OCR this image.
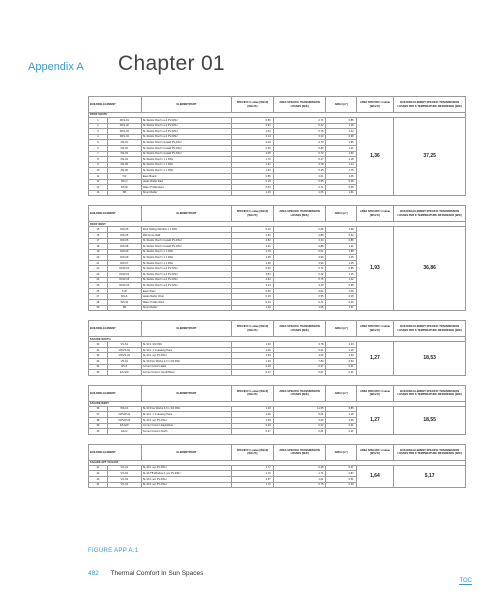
Appendix A Chapter 01
BUILDING ELEMENT		ELEMENT/PART	SPECIFIC U-value [W/m2] [W/m²K]	AREA SPECIFIC TRANSMISSION LOSSES [W/K]	AREA [m²]	AREA SPECIFIC U-value [W/m²K]	BUILDING ELEMENT SPECIFIC TRANSMISSION LOSSES PER K TEMPERATURE DIFFERENCE [W/K]
ROOF SOUTH							
1	DKS-01	SL Skolos Roof 1 a-b PV-DSU	0,86	2,71	0,85	1,36	37,25
2	DKS-02	SL Skolos Roof 1 a-b PV-DSU	2,91	6,42	1,18		
3	DKS-03	SL Skolos Roof 1 a-b PV-DSU	2,64	5,75	1,42		
4	DKS-04	SL Skolos Roof 1 a-b PV-DSU	3,14	3,13	0,98		
5	DS-01	SL Skolos Roof 1 Gstadt PV-DSU	2,00	3,70	1,85		
6	DS-02	SL Skolos Roof 1 Gstadt PV-DSU	0,45	6,80	1,21		
7	DS-03	SL Skolos Roof 1 Gstadt PV-DSU	2,05	5,70	1,56		
8	DS-04	SL Skolos Roof 1 1 1 DSU	1,70	5,17	1,18		
9	DS-05	SL Skolos Roof 1 1 1 DSU	1,91	3,78	1,44		
10	DS-06	SL Skolos Roof 1 1 1 DSU	1,62	5,15	1,75		
11	T-R	Eave Board	0,85	3,01	1,05		
12	RS-O	Heats Rafter East	0,15	0,55	0,08		
13	RS-W	Water Profile East	0,03	0,71	0,09		
14	SB	Struct Rafter	1,46	1,05	1,61		
BUILDING ELEMENT		ELEMENT/PART	SPECIFIC U-value [W/m2] [W/m²K]	AREA SPECIFIC TRANSMISSION LOSSES [W/K]	AREA [m²]	AREA SPECIFIC U-value [W/m²K]	BUILDING ELEMENT SPECIFIC TRANSMISSION LOSSES PER K TEMPERATURE DIFFERENCE [W/K]
ROOF WEST							
15	DW-05	Roof Sliding Window 1 1 DSU	0,12	2,66	1,58	1,93	36,86
16	DW-05	Mid Dome Wall	1,66	2,88	0,22		
17	DW-06	SL Skolos Roof 1 Gstadt PV-DSU	3,82	3,30	0,86		
18	DW-08	SL Skolos Roof 1 Gstadt PV-DSU	2,21	6,88	1,41		
19	DW-09	SL Skolos Roof 1 1 1 DSU	1,76	6,01	1,88		
20	DW-09	SL Skolos Roof 1 1 1 DSU	1,68	3,90	1,05		
21	DW-07	SL Skolos Roof 1 1 1 DSU	1,68	3,90	1,05		
22	DKW-01	SL Skolos Roof 1 a-b PV-DSU	0,06	2,71	0,85		
23	DKW-02	SL Skolos Roof 1 a-b PV-DSU	2,81	6,42	1,15		
24	DKW-03	SL Skolos Roof 1 a-b PV-DSU	2,64	5,75	1,42		
25	DKW-04	SL Skolos Roof 1 a-b PV-DSU	3,14	3,13	0,98		
26	T-W	Eave Steel	0,00	3,01	1,05		
27	RS-A	Heats Rafter West	0,15	0,55	0,08		
28	WS-W	Water Profile West	0,23	0,71	0,09		
29	SB	Struct Rafter	1,46	1,05	1,61		
BUILDING ELEMENT		ELEMENT/PART	SPECIFIC U-value [W/m2] [W/m²K]	AREA SPECIFIC TRANSMISSION LOSSES [W/K]	AREA [m²]	AREA SPECIFIC U-value [W/m²K]	BUILDING ELEMENT SPECIFIC TRANSMISSION LOSSES PER K TEMPERATURE DIFFERENCE [W/K]
FACADE SOUTH							
30	VS-S1	SL 90 1 3/4 DSU	1,00	3,78	2,04	1,27	18,53
31	VWVS-01	SL 90 1 1 1 Heating Pane	1,06	5,01	2,18		
32	VWVS-04	SL 90 1 a-b PV-DSU	1,66	4,60	2,50		
33	VS-01	SL 90 Fixe Works 4-6 1 3/4 DSU	1,20	7,80	6,50		
34	ES-0	Corner Column East	0,00	0,37	0,21		
35	ES-SW	Corner Column South/West	0,27	0,61	0,21		
BUILDING ELEMENT		ELEMENT/PART	SPECIFIC U-value [W/m2] [W/m²K]	AREA SPECIFIC TRANSMISSION LOSSES [W/K]	AREA [m²]	AREA SPECIFIC U-value [W/m²K]	BUILDING ELEMENT SPECIFIC TRANSMISSION LOSSES PER K TEMPERATURE DIFFERENCE [W/K]
FACADE WEST							
36	WS-01	SL 90 Fixe Works 4-6 1 3/4 DSU	1,20	11,65	6,85	1,27	18,55
37	VWVW-01	SL 90 1 1 1 Heating Pane	1,06	5,01	2,18		
38	VWVW-04	SL 90 1 a-b PV-DSU	1,56	4,60	2,56		
39	ES-EW	Corner Column East/West	0,00	0,37	0,21		
40	ES-N	Corner Column North	0,27	0,61	0,21		
BUILDING ELEMENT		ELEMENT/PART	SPECIFIC U-value [W/m2] [W/m²K]	AREA SPECIFIC TRANSMISSION LOSSES [W/K]	AREA [m²]	AREA SPECIFIC U-value [W/m²K]	BUILDING ELEMENT SPECIFIC TRANSMISSION LOSSES PER K TEMPERATURE DIFFERENCE [W/K]
FACADE APT TO EAST							
41	VO-01	SL 90 1 a-b PV-DSU	1,77	0,48	0,47	1,64	5,17
42	VO-02	SL 90 TB Window 1 a-b PV-DSU	1,79	1,71	0,87		
43	VO-03	SL 90 1 a-b PV-DSU	1,57	1,61	0,51		
44	VO-04	SL 90 1 a-b PV-DSU	1,71	0,75	0,49		
FIGURE APP A.1
482 Thermal Comfort In Sun Spaces
TOC
